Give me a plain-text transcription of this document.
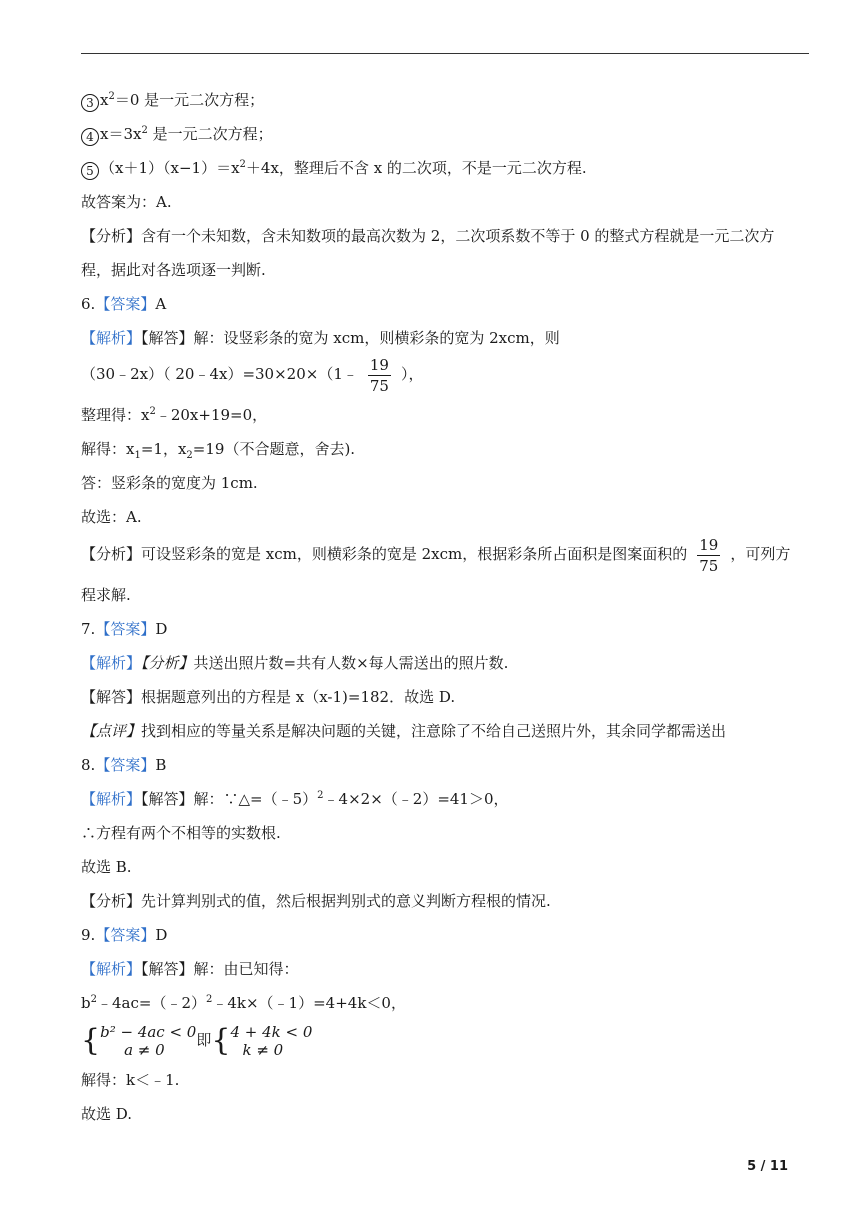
3 $x^2=0$ 是一元二次方程；
4 $x=3x^2$ 是一元二次方程；
5 $(x+1)(x-1)=x^2+4x$，整理后不含 x 的二次项，不是一元二次方程.
故答案为：A.
【分析】含有一个未知数，含未知数项的最高次数为 2，二次项系数不等于 0 的整式方程就是一元二次方
程，据此对各选项逐一判断.
6.【答案】A
【解析】【解答】解：设竖彩条的宽为 xcm，则横彩条的宽为 2xcm，则
（30﹣2x）（ 20﹣4x）=30×20×（1﹣ $\frac{19}{75}$ ），
整理得：$x^2﹣20x+19=0$，
解得：$x_1=1$，$x_2=19$（不合题意，舍去).
答：竖彩条的宽度为 1cm.
故选：A.
【分析】可设竖彩条的宽是 xcm，则横彩条的宽是 2xcm，根据彩条所占面积是图案面积的 $\frac{19}{75}$ ，可列方
程求解.
7.【答案】D
【解析】【分析】共送出照片数=共有人数×每人需送出的照片数.
【解答】根据题意列出的方程是 x（x-1)=182．故选 D.
【点评】找到相应的等量关系是解决问题的关键，注意除了不给自己送照片外，其余同学都需送出
8.【答案】B
【解析】【解答】解：∵△=（﹣5）$^2$﹣4×2×（﹣2）=41＞0，
∴方程有两个不相等的实数根.
故选 B.
【分析】先计算判别式的值，然后根据判别式的意义判断方程根的情况.
9.【答案】D
【解析】【解答】解：由已知得：
$b^2﹣4ac=(﹣2)^2﹣4k\times(﹣1)=4+4k<0$，
{ b² − 4ac < 0
a ≠ 0
即{ 4 + 4k < 0
k ≠ 0
解得：k＜﹣1.
故选 D.
5 / 11
